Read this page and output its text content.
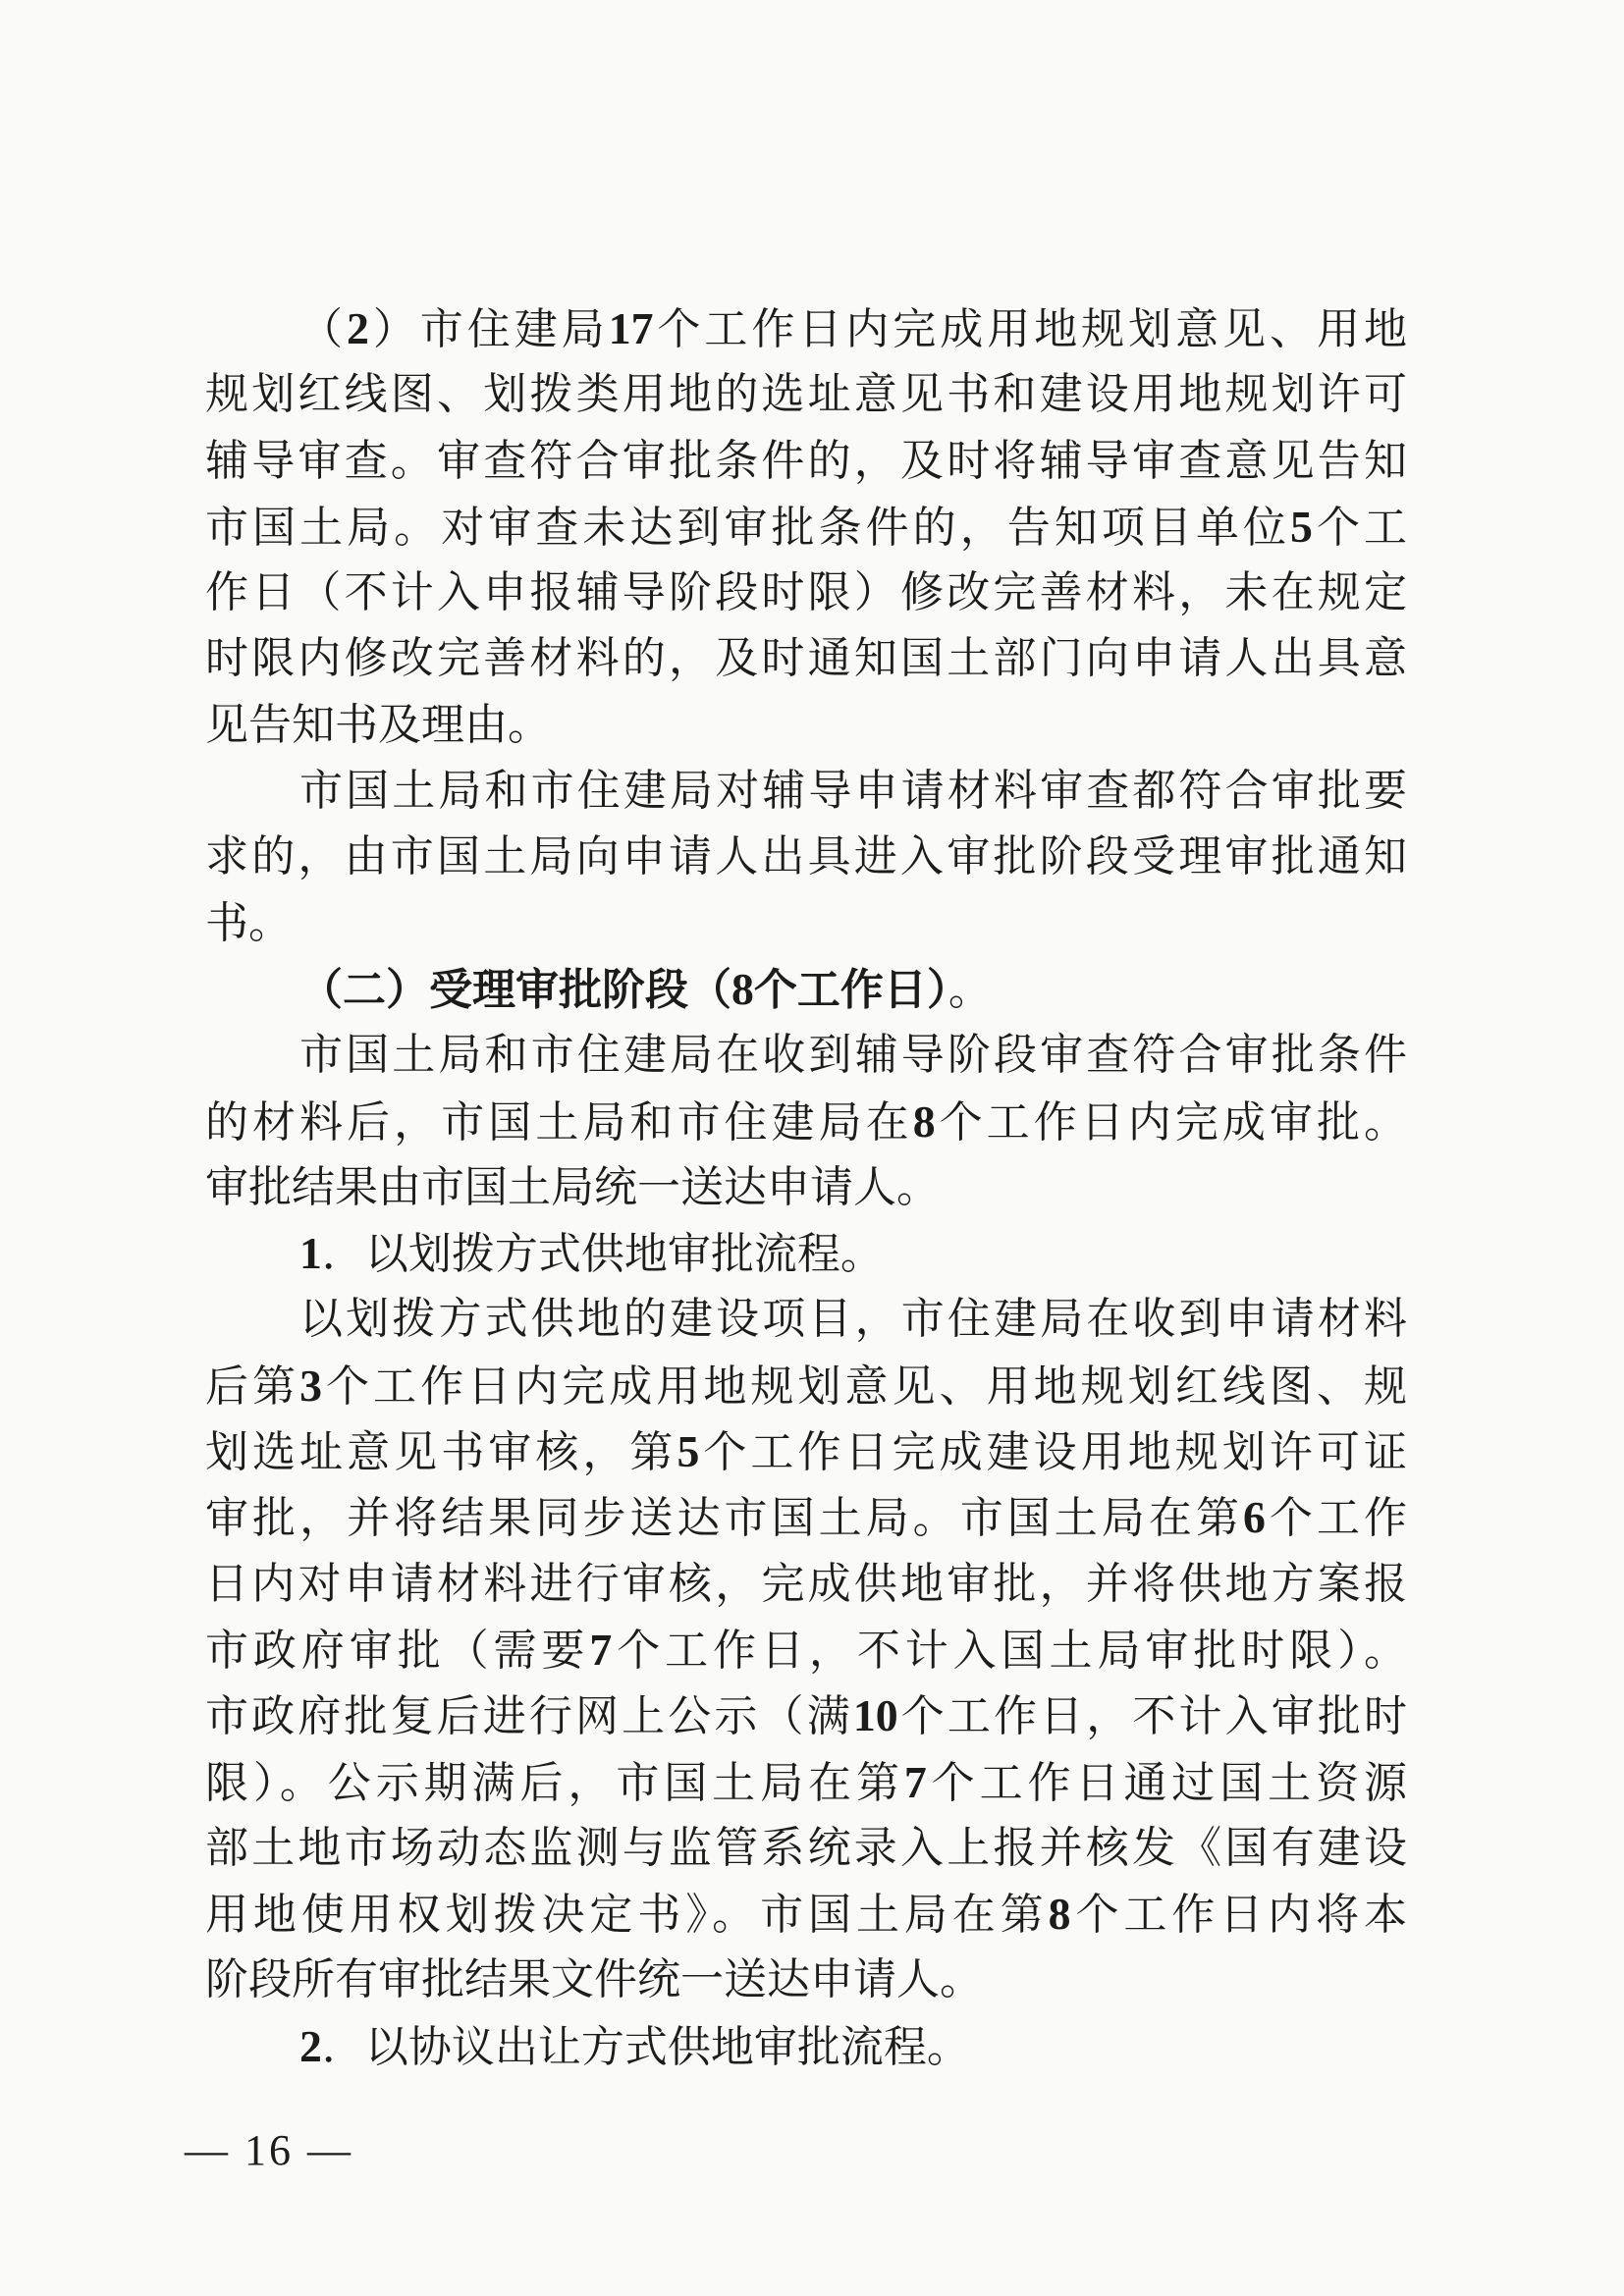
（2）市住建局17个工作日内完成用地规划意见、用地
规划红线图、划拨类用地的选址意见书和建设用地规划许可
辅导审查。审查符合审批条件的，及时将辅导审查意见告知
市国土局。对审查未达到审批条件的，告知项目单位5个工
作日（不计入申报辅导阶段时限）修改完善材料，未在规定
时限内修改完善材料的，及时通知国土部门向申请人出具意
见告知书及理由。
市国土局和市住建局对辅导申请材料审查都符合审批要
求的，由市国土局向申请人出具进入审批阶段受理审批通知
书。
（二）受理审批阶段（8个工作日）。
市国土局和市住建局在收到辅导阶段审查符合审批条件
的材料后，市国土局和市住建局在8个工作日内完成审批。
审批结果由市国土局统一送达申请人。
1．以划拨方式供地审批流程。
以划拨方式供地的建设项目，市住建局在收到申请材料
后第3个工作日内完成用地规划意见、用地规划红线图、规
划选址意见书审核，第5个工作日完成建设用地规划许可证
审批，并将结果同步送达市国土局。市国土局在第6个工作
日内对申请材料进行审核，完成供地审批，并将供地方案报
市政府审批（需要7个工作日，不计入国土局审批时限）。
市政府批复后进行网上公示（满10个工作日，不计入审批时
限）。公示期满后，市国土局在第7个工作日通过国土资源
部土地市场动态监测与监管系统录入上报并核发《国有建设
用地使用权划拨决定书》。市国土局在第8个工作日内将本
阶段所有审批结果文件统一送达申请人。
2．以协议出让方式供地审批流程。
— 16 —
